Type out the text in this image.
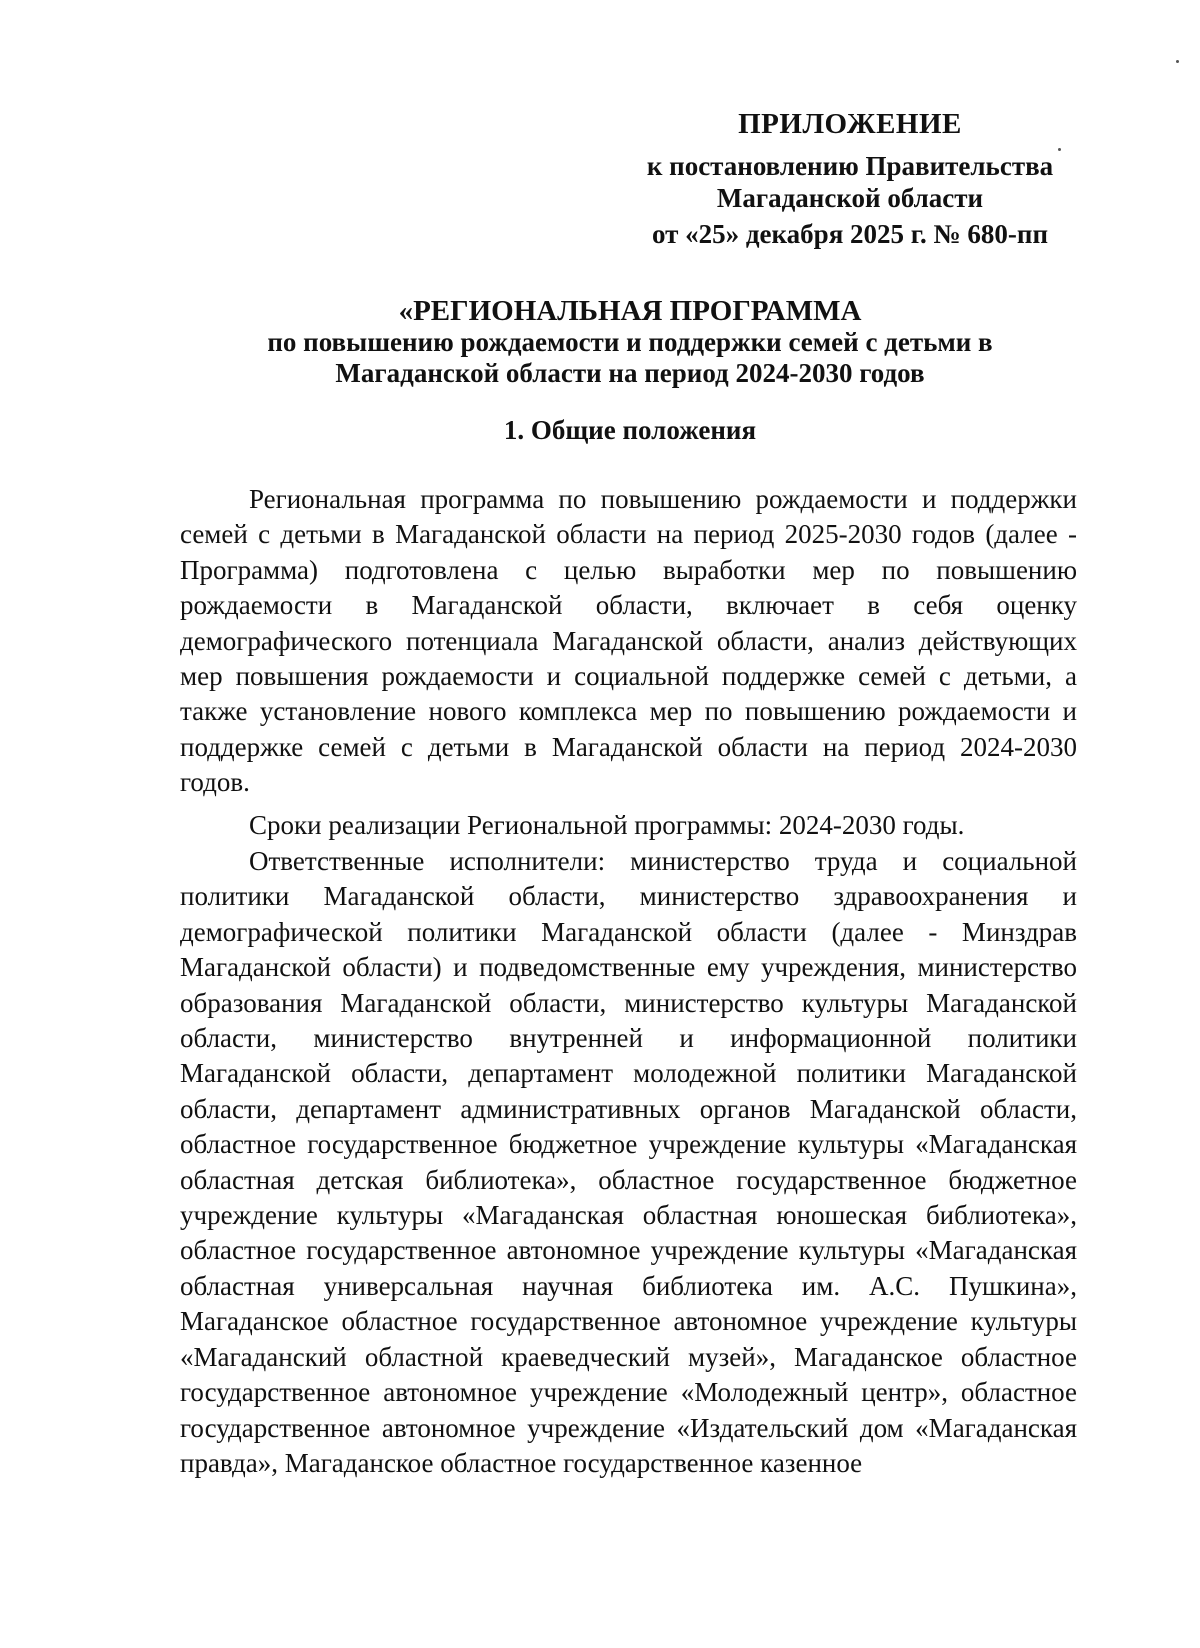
ПРИЛОЖЕНИЕ
к постановлению Правительства
Магаданской области
от «25» декабря 2025 г. № 680-пп
«РЕГИОНАЛЬНАЯ ПРОГРАММА
по повышению рождаемости и поддержки семей с детьми в
Магаданской области на период 2024-2030 годов
1. Общие положения

Региональная программа по повышению рождаемости и поддержки семей с детьми в Магаданской области на период 2025-2030 годов (далее - Программа) подготовлена с целью выработки мер по повышению рождаемости в Магаданской области, включает в себя оценку демографического потенциала Магаданской области, анализ действующих мер повышения рождаемости и социальной поддержке семей с детьми, а также установление нового комплекса мер по повышению рождаемости и поддержке семей с детьми в Магаданской области на период 2024-2030 годов.

Сроки реализации Региональной программы: 2024-2030 годы.

Ответственные исполнители: министерство труда и социальной политики Магаданской области, министерство здравоохранения и демографической политики Магаданской области (далее - Минздрав Магаданской области) и подведомственные ему учреждения, министерство образования Магаданской области, министерство культуры Магаданской области, министерство внутренней и информационной политики Магаданской области, департамент молодежной политики Магаданской области, департамент административных органов Магаданской области, областное государственное бюджетное учреждение культуры «Магаданская областная детская библиотека», областное государственное бюджетное учреждение культуры «Магаданская областная юношеская библиотека», областное государственное автономное учреждение культуры «Магаданская областная универсальная научная библиотека им. А.С. Пушкина», Магаданское областное государственное автономное учреждение культуры «Магаданский областной краеведческий музей», Магаданское областное государственное автономное учреждение «Молодежный центр», областное государственное автономное учреждение «Издательский дом «Магаданская правда», Магаданское областное государственное казенное
